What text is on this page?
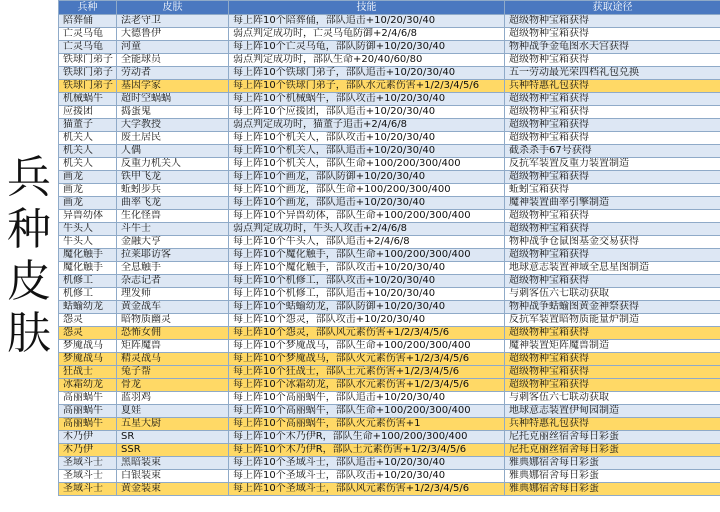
兵
种
皮
肤
兵种	皮肤	技能	获取途径
陪葬俑	法老守卫	每上阵10个陪葬俑，部队追击+10/20/30/40	超级物种宝箱获得
亡灵乌龟	大德鲁伊	弱点判定成功时，亡灵乌龟防御+2/4/6/8	超级物种宝箱获得
亡灵乌龟	河童	每上阵10个亡灵乌龟，部队防御+10/20/30/40	物种战争金龟图水天宫获得
铁球门弟子	全能球员	弱点判定成功时，部队生命+20/40/60/80	超级物种宝箱获得
铁球门弟子	劳动者	每上阵10个铁球门弟子，部队追击+10/20/30/40	五一劳动最光荣四档礼包兑换
铁球门弟子	基因学家	每上阵10个铁球门弟子，部队水元素伤害+1/2/3/4/5/6	兵种特惠礼包获得
机械蜗牛	超时空蜗蜗	每上阵10个机械蜗牛，部队攻击+10/20/30/40	超级物种宝箱获得
应援团	捣蛋鬼	每上阵10个应援团，部队追击+10/20/30/40	超级物种宝箱获得
猫董子	大学教授	弱点判定成功时，猫董子追击+2/4/6/8	超级物种宝箱获得
机关人	废土居民	每上阵10个机关人，部队攻击+10/20/30/40	超级物种宝箱获得
机关人	人偶	每上阵10个机关人，部队追击+10/20/30/40	截杀杀手67号获得
机关人	反重力机关人	每上阵10个机关人，部队生命+100/200/300/400	反抗军装置反重力装置制造
画龙	铁甲飞龙	每上阵10个画龙，部队防御+10/20/30/40	超级物种宝箱获得
画龙	蚯蚓步兵	每上阵10个画龙，部队生命+100/200/300/400	蚯蚓宝箱获得
画龙	曲率飞龙	每上阵10个画龙，部队追击+10/20/30/40	魔神装置曲率引擎制造
异兽幼体	生化怪兽	每上阵10个异兽幼体，部队生命+100/200/300/400	超级物种宝箱获得
牛头人	斗牛士	弱点判定成功时，牛头人攻击+2/4/6/8	超级物种宝箱获得
牛头人	金融大亨	每上阵10个牛头人，部队追击+2/4/6/8	物种战争仓鼠图基金交易获得
魔化触手	拉莱耶访客	每上阵10个魔化触手，部队生命+100/200/300/400	超级物种宝箱获得
魔化触手	全息触手	每上阵10个魔化触手，部队攻击+10/20/30/40	地球意志装置神域全息星图制造
机修工	杂志记者	每上阵10个机修工，部队攻击+10/20/30/40	超级物种宝箱获得
机修工	理发师	每上阵10个机修工，部队追击+10/20/30/40	与刺客伍六七联动获取
蛞蝓幼龙	黄金战车	每上阵10个蛞蝓幼龙，部队防御+10/20/30/40	物种战争蛞蝓图黄金神祭获得
怨灵	暗物质幽灵	每上阵10个怨灵，部队攻击+10/20/30/40	反抗军装置暗物质能量炉制造
怨灵	恐怖女佣	每上阵10个怨灵，部队风元素伤害+1/2/3/4/5/6	超级物种宝箱获得
梦魇战马	矩阵魔兽	每上阵10个梦魇战马，部队生命+100/200/300/400	魔神装置矩阵魔兽制造
梦魇战马	精灵战马	每上阵10个梦魇战马，部队火元素伤害+1/2/3/4/5/6	超级物种宝箱获得
狂战士	兔子帮	每上阵10个狂战士，部队土元素伤害+1/2/3/4/5/6	超级物种宝箱获得
冰霜幼龙	骨龙	每上阵10个冰霜幼龙，部队水元素伤害+1/2/3/4/5/6	超级物种宝箱获得
高丽蜗牛	蓝羽鸡	每上阵10个高丽蜗牛，部队追击+10/20/30/40	与刺客伍六七联动获取
高丽蜗牛	夏娃	每上阵10个高丽蜗牛，部队生命+100/200/300/400	地球意志装置伊甸园制造
高丽蜗牛	五星大厨	每上阵10个高丽蜗牛，部队火元素伤害+1	兵种特惠礼包获得
木乃伊	SR	每上阵10个木乃伊R，部队生命+100/200/300/400	尼托克丽丝宿舍每日彩蛋
木乃伊	SSR	每上阵10个木乃伊R，部队土元素伤害+1/2/3/4/5/6	尼托克丽丝宿舍每日彩蛋
圣域斗士	黑暗装束	每上阵10个圣域斗士，部队追击+10/20/30/40	雅典娜宿舍每日彩蛋
圣域斗士	白银装束	每上阵10个圣域斗士，部队攻击+10/20/30/40	雅典娜宿舍每日彩蛋
圣域斗士	黄金装束	每上阵10个圣域斗士，部队风元素伤害+1/2/3/4/5/6	雅典娜宿舍每日彩蛋
